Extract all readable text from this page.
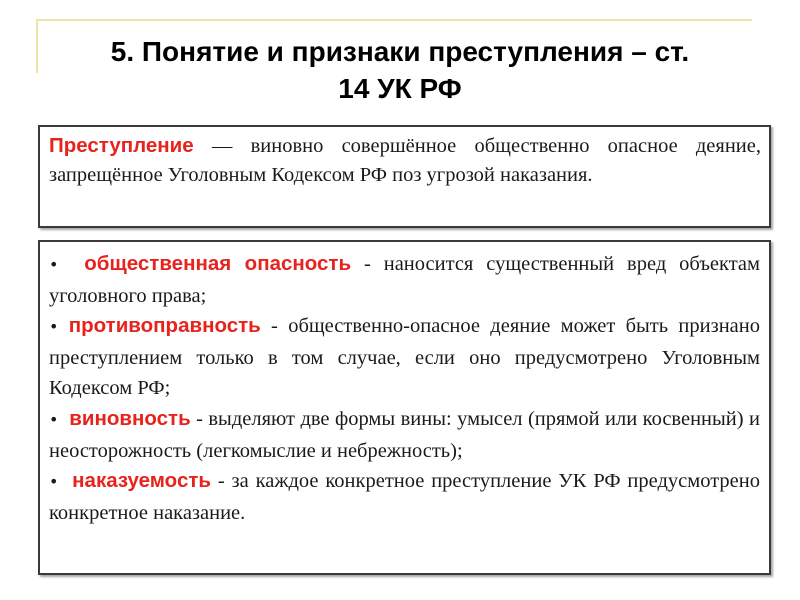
5. Понятие и признаки преступления – ст.
14 УК РФ
Преступление — виновно совершённое общественно опасное деяние, запрещённое Уголовным Кодексом РФ поз угрозой наказания.

• общественная опасность - наносится существенный вред объектам уголовного права;

• противоправность - общественно-опасное деяние может быть признано преступлением только в том случае, если оно предусмотрено Уголовным Кодексом РФ;

• виновность - выделяют две формы вины: умысел (прямой или косвенный) и неосторожность (легкомыслие и небрежность);

• наказуемость - за каждое конкретное преступление УК РФ предусмотрено конкретное наказание.
